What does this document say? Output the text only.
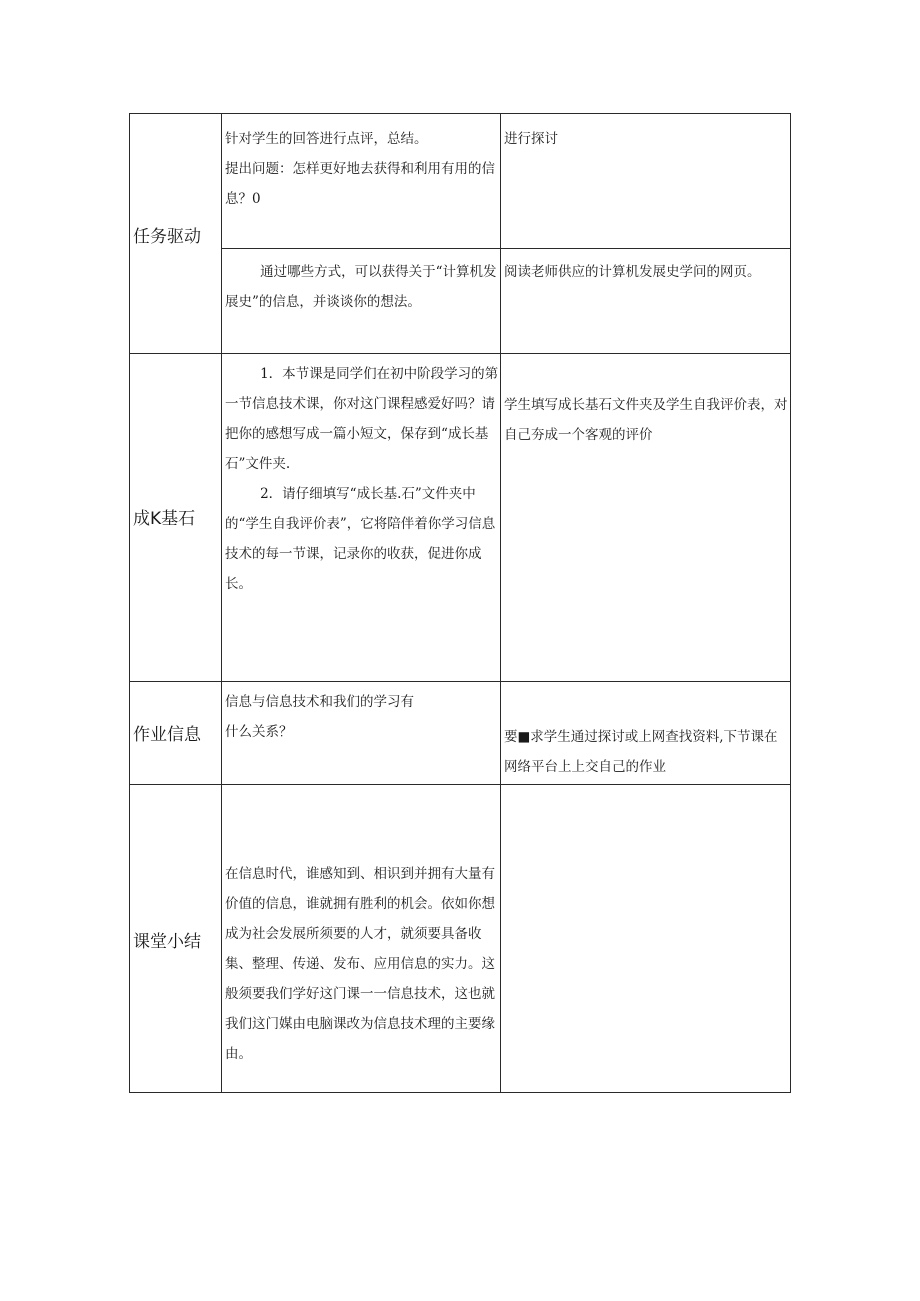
任务驱动	针对学生的回答进行点评，总结。

提出问题：怎样更好地去获得和利用有用的信息？0	进行探讨

	通过哪些方式，可以获得关于“计算机发展史”的信息，并谈谈你的想法。	阅读老师供应的计算机发展史学问的网页。

成K基石	1．本节课是同学们在初中阶段学习的第一节信息技术课，你对这门课程感爱好吗？请把你的感想写成一篇小短文，保存到“成长基石”文件夹.

2．请仔细填写“成长基.石”文件夹中的“学生自我评价表”，它将陪伴着你学习信息技术的每一节课，记录你的收获，促进你成长。	学生填写成长基石文件夹及学生自我评价表，对自己夯成一个客观的评价

作业信息	信息与信息技术和我们的学习有

什么关系？	要■求学生通过探讨或上网查找资料,下节课在网络平台上上交自己的作业

课堂小结	在信息时代，谁感知到、相识到并拥有大量有价值的信息，谁就拥有胜利的机会。依如你想成为社会发展所须要的人才，就须要具备收集、整理、传递、发布、应用信息的实力。这般须要我们学好这门课一一信息技术，这也就我们这门媒由电脑课改为信息技术理的主要缘由。	
